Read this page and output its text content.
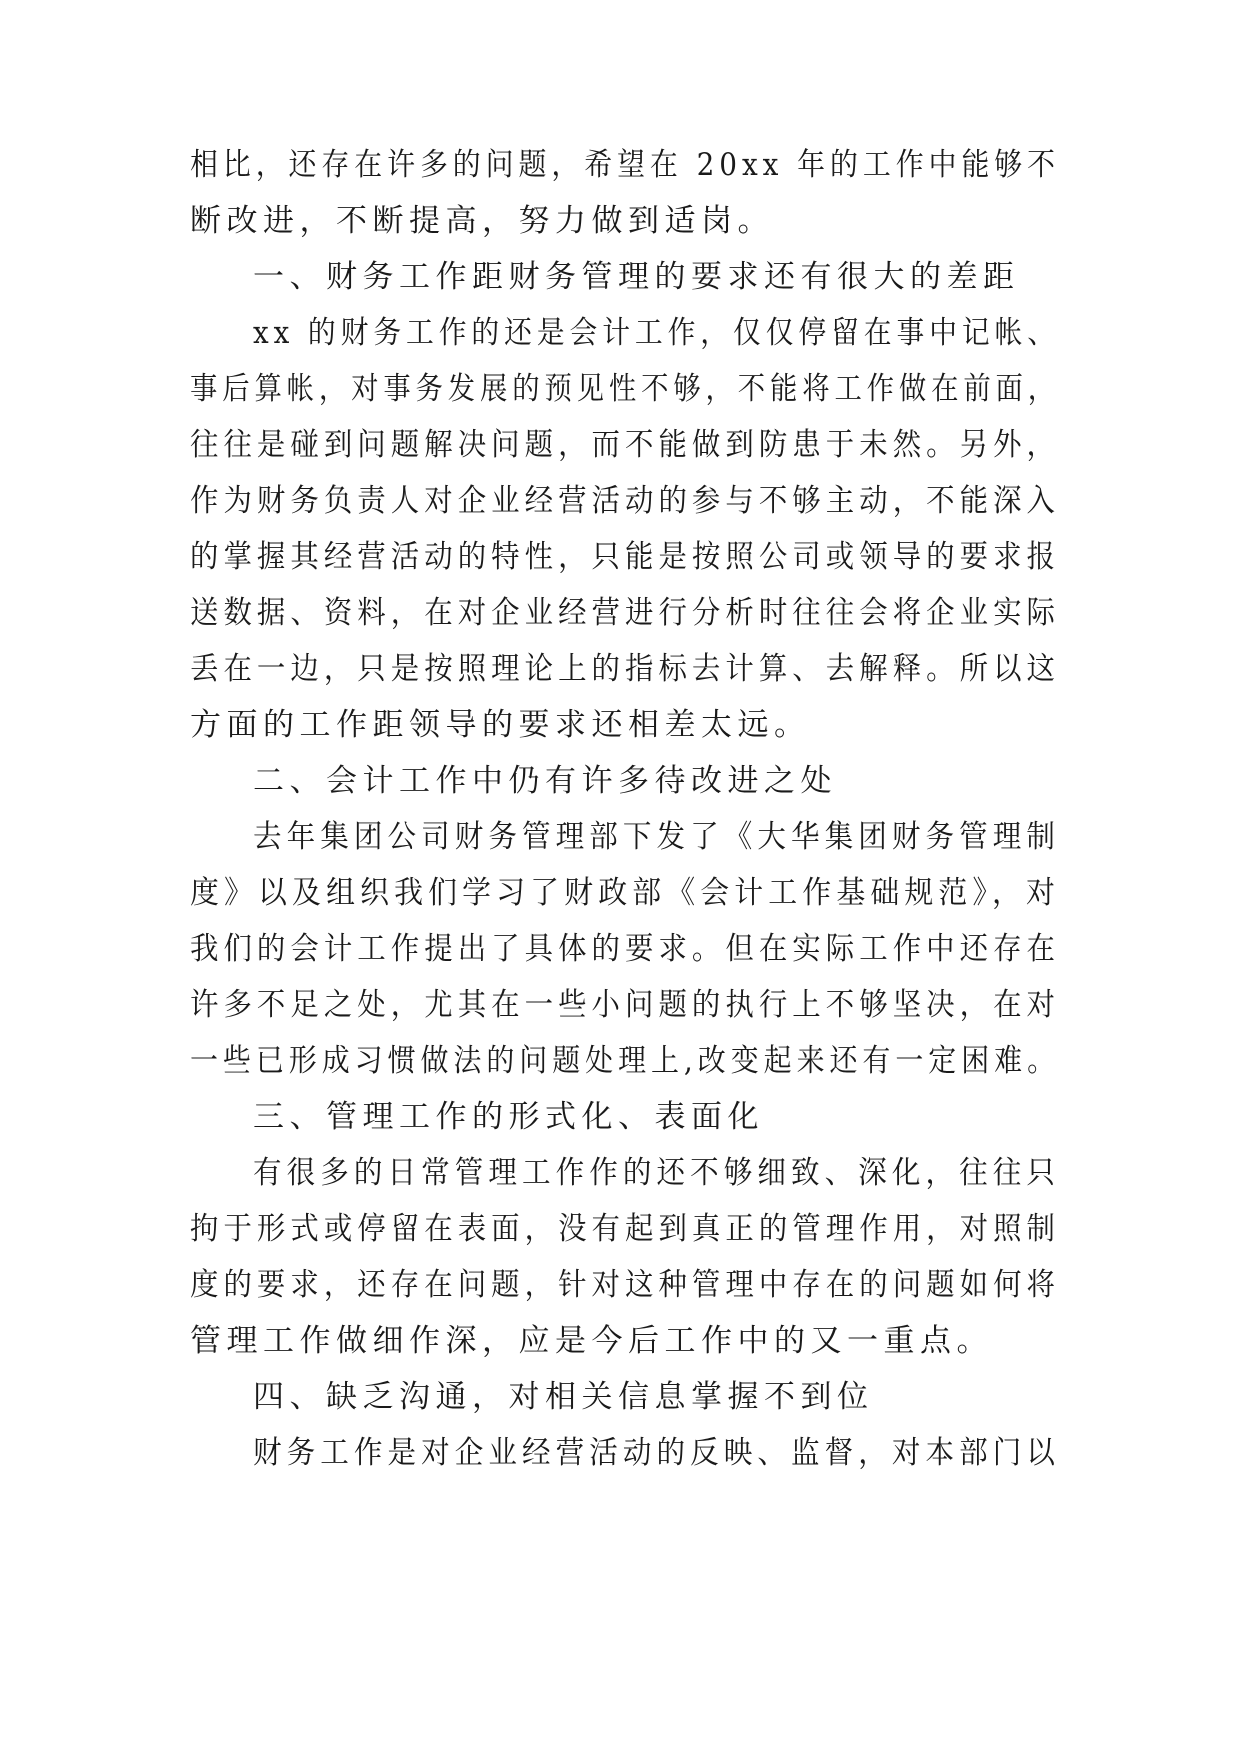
相比，还存在许多的问题，希望在 20xx 年的工作中能够不
断改进，不断提高，努力做到适岗。
一、财务工作距财务管理的要求还有很大的差距
xx 的财务工作的还是会计工作，仅仅停留在事中记帐、
事后算帐，对事务发展的预见性不够，不能将工作做在前面，
往往是碰到问题解决问题，而不能做到防患于未然。另外，
作为财务负责人对企业经营活动的参与不够主动，不能深入
的掌握其经营活动的特性，只能是按照公司或领导的要求报
送数据、资料，在对企业经营进行分析时往往会将企业实际
丢在一边，只是按照理论上的指标去计算、去解释。所以这
方面的工作距领导的要求还相差太远。
二、会计工作中仍有许多待改进之处
去年集团公司财务管理部下发了《大华集团财务管理制
度》以及组织我们学习了财政部《会计工作基础规范》，对
我们的会计工作提出了具体的要求。但在实际工作中还存在
许多不足之处，尤其在一些小问题的执行上不够坚决，在对
一些已形成习惯做法的问题处理上,改变起来还有一定困难。
三、管理工作的形式化、表面化
有很多的日常管理工作作的还不够细致、深化，往往只
拘于形式或停留在表面，没有起到真正的管理作用，对照制
度的要求，还存在问题，针对这种管理中存在的问题如何将
管理工作做细作深，应是今后工作中的又一重点。
四、缺乏沟通，对相关信息掌握不到位
财务工作是对企业经营活动的反映、监督，对本部门以
